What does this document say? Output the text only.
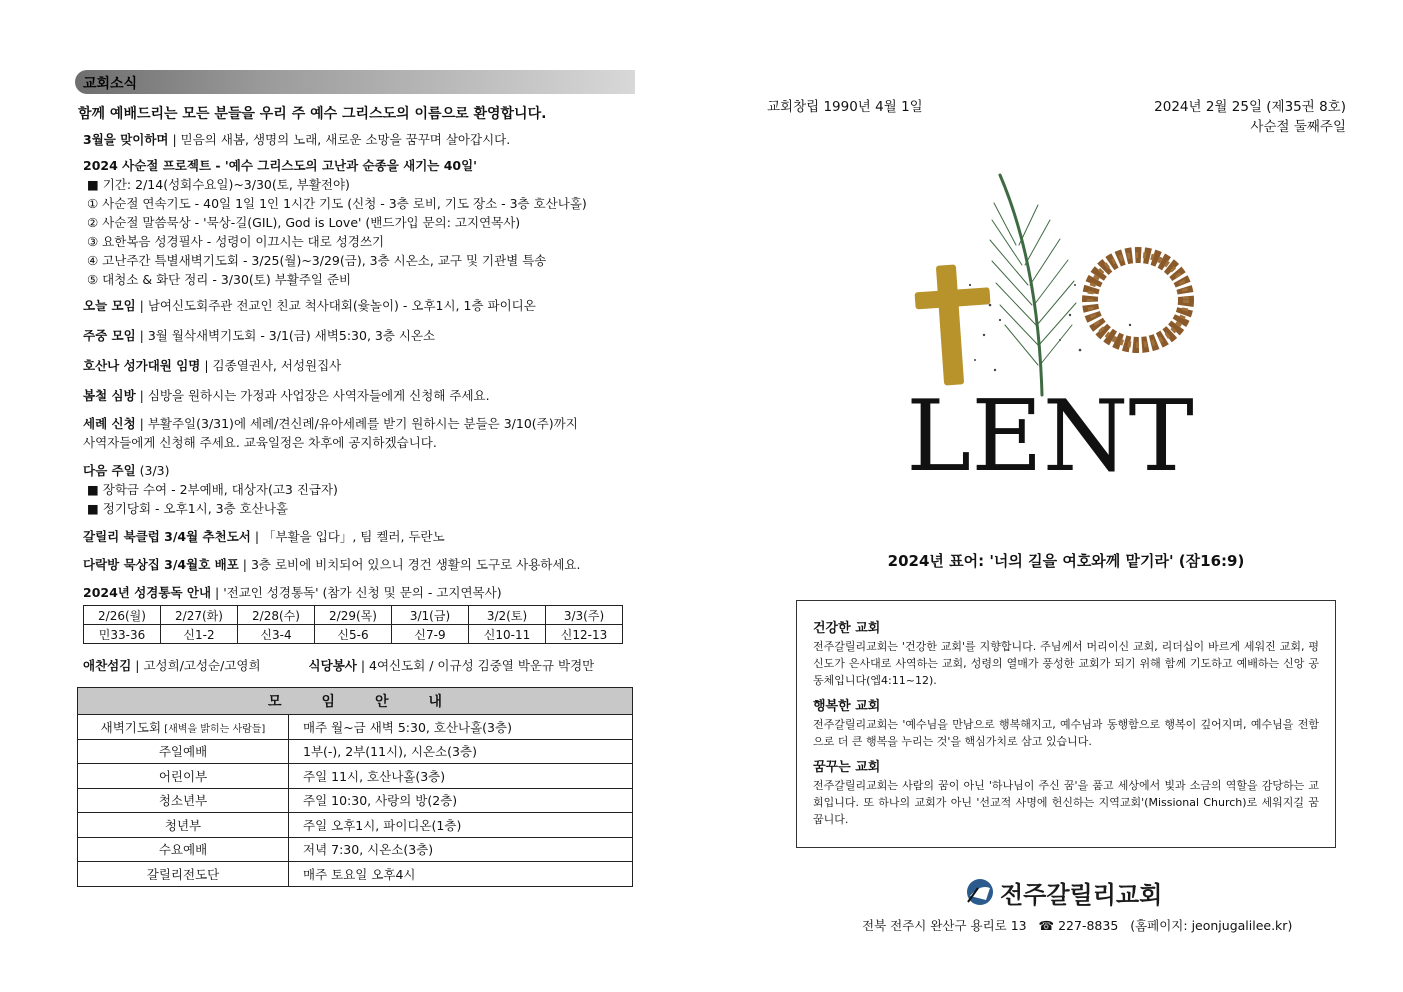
교회소식
함께 예배드리는 모든 분들을 우리 주 예수 그리스도의 이름으로 환영합니다.
3월을 맞이하며 | 믿음의 새봄, 생명의 노래, 새로운 소망을 꿈꾸며 살아갑시다.
2024 사순절 프로젝트 - '예수 그리스도의 고난과 순종을 새기는 40일'
■ 기간: 2/14(성회수요일)~3/30(토, 부활전야)
① 사순절 연속기도 - 40일 1일 1인 1시간 기도 (신청 - 3층 로비, 기도 장소 - 3층 호산나홀)
② 사순절 말씀묵상 - '묵상-길(GIL), God is Love' (밴드가입 문의: 고지연목사)
③ 요한복음 성경필사 - 성령이 이끄시는 대로 성경쓰기
④ 고난주간 특별새벽기도회 - 3/25(월)~3/29(금), 3층 시온소, 교구 및 기관별 특송
⑤ 대청소 & 화단 정리 - 3/30(토) 부활주일 준비
오늘 모임 | 남여신도회주관 전교인 친교 척사대회(윷놀이) - 오후1시, 1층 파이디온
주중 모임 | 3월 월삭새벽기도회 - 3/1(금) 새벽5:30, 3층 시온소
호산나 성가대원 임명 | 김종열권사, 서성원집사
봄철 심방 | 심방을 원하시는 가정과 사업장은 사역자들에게 신청해 주세요.
세례 신청 | 부활주일(3/31)에 세례/견신례/유아세례를 받기 원하시는 분들은 3/10(주)까지
사역자들에게 신청해 주세요. 교육일정은 차후에 공지하겠습니다.
다음 주일 (3/3)
■ 장학금 수여 - 2부예배, 대상자(고3 진급자)
■ 정기당회 - 오후1시, 3층 호산나홀
갈릴리 북클럽 3/4월 추천도서 | 「부활을 입다」, 팀 켈러, 두란노
다락방 묵상집 3/4월호 배포 | 3층 로비에 비치되어 있으니 경건 생활의 도구로 사용하세요.
2024년 성경통독 안내 | '전교인 성경통독' (참가 신청 및 문의 - 고지연목사)
2/26(월)	2/27(화)	2/28(수)	2/29(목)	3/1(금)	3/2(토)	3/3(주)
민33-36	신1-2	신3-4	신5-6	신7-9	신10-11	신12-13
애찬섬김 | 고성희/고성순/고영희	식당봉사 | 4여신도회 / 이규성 김중열 박운규 박경만
모임안내	
새벽기도회 [새벽을 밝히는 사람들]	매주 월~금 새벽 5:30, 호산나홀(3층)
주일예배	1부(-), 2부(11시), 시온소(3층)
어린이부	주일 11시, 호산나홀(3층)
청소년부	주일 10:30, 사랑의 방(2층)
청년부	주일 오후1시, 파이디온(1층)
수요예배	저녁 7:30, 시온소(3층)
갈릴리전도단	매주 토요일 오후4시
교회창립 1990년 4월 1일	2024년 2월 25일 (제35권 8호)
사순절 둘째주일
LENT
2024년 표어: '너의 길을 여호와께 맡기라' (잠16:9)
건강한 교회

전주갈릴리교회는 '건강한 교회'를 지향합니다. 주님께서 머리이신 교회, 리더십이 바르게 세워진 교회, 평신도가 은사대로 사역하는 교회, 성령의 열매가 풍성한 교회가 되기 위해 함께 기도하고 예배하는 신앙 공동체입니다(엡4:11~12).

행복한 교회

전주갈릴리교회는 '예수님을 만남으로 행복해지고, 예수님과 동행함으로 행복이 깊어지며, 예수님을 전함으로 더 큰 행복을 누리는 것'을 핵심가치로 삼고 있습니다.

꿈꾸는 교회

전주갈릴리교회는 사람의 꿈이 아닌 '하나님이 주신 꿈'을 품고 세상에서 빛과 소금의 역할을 감당하는 교회입니다. 또 하나의 교회가 아닌 '선교적 사명에 헌신하는 지역교회'(Missional Church)로 세워지길 꿈꿉니다.

전주갈릴리교회
전북 전주시 완산구 용리로 13 ☎ 227-8835 (홈페이지: jeonjugalilee.kr)
